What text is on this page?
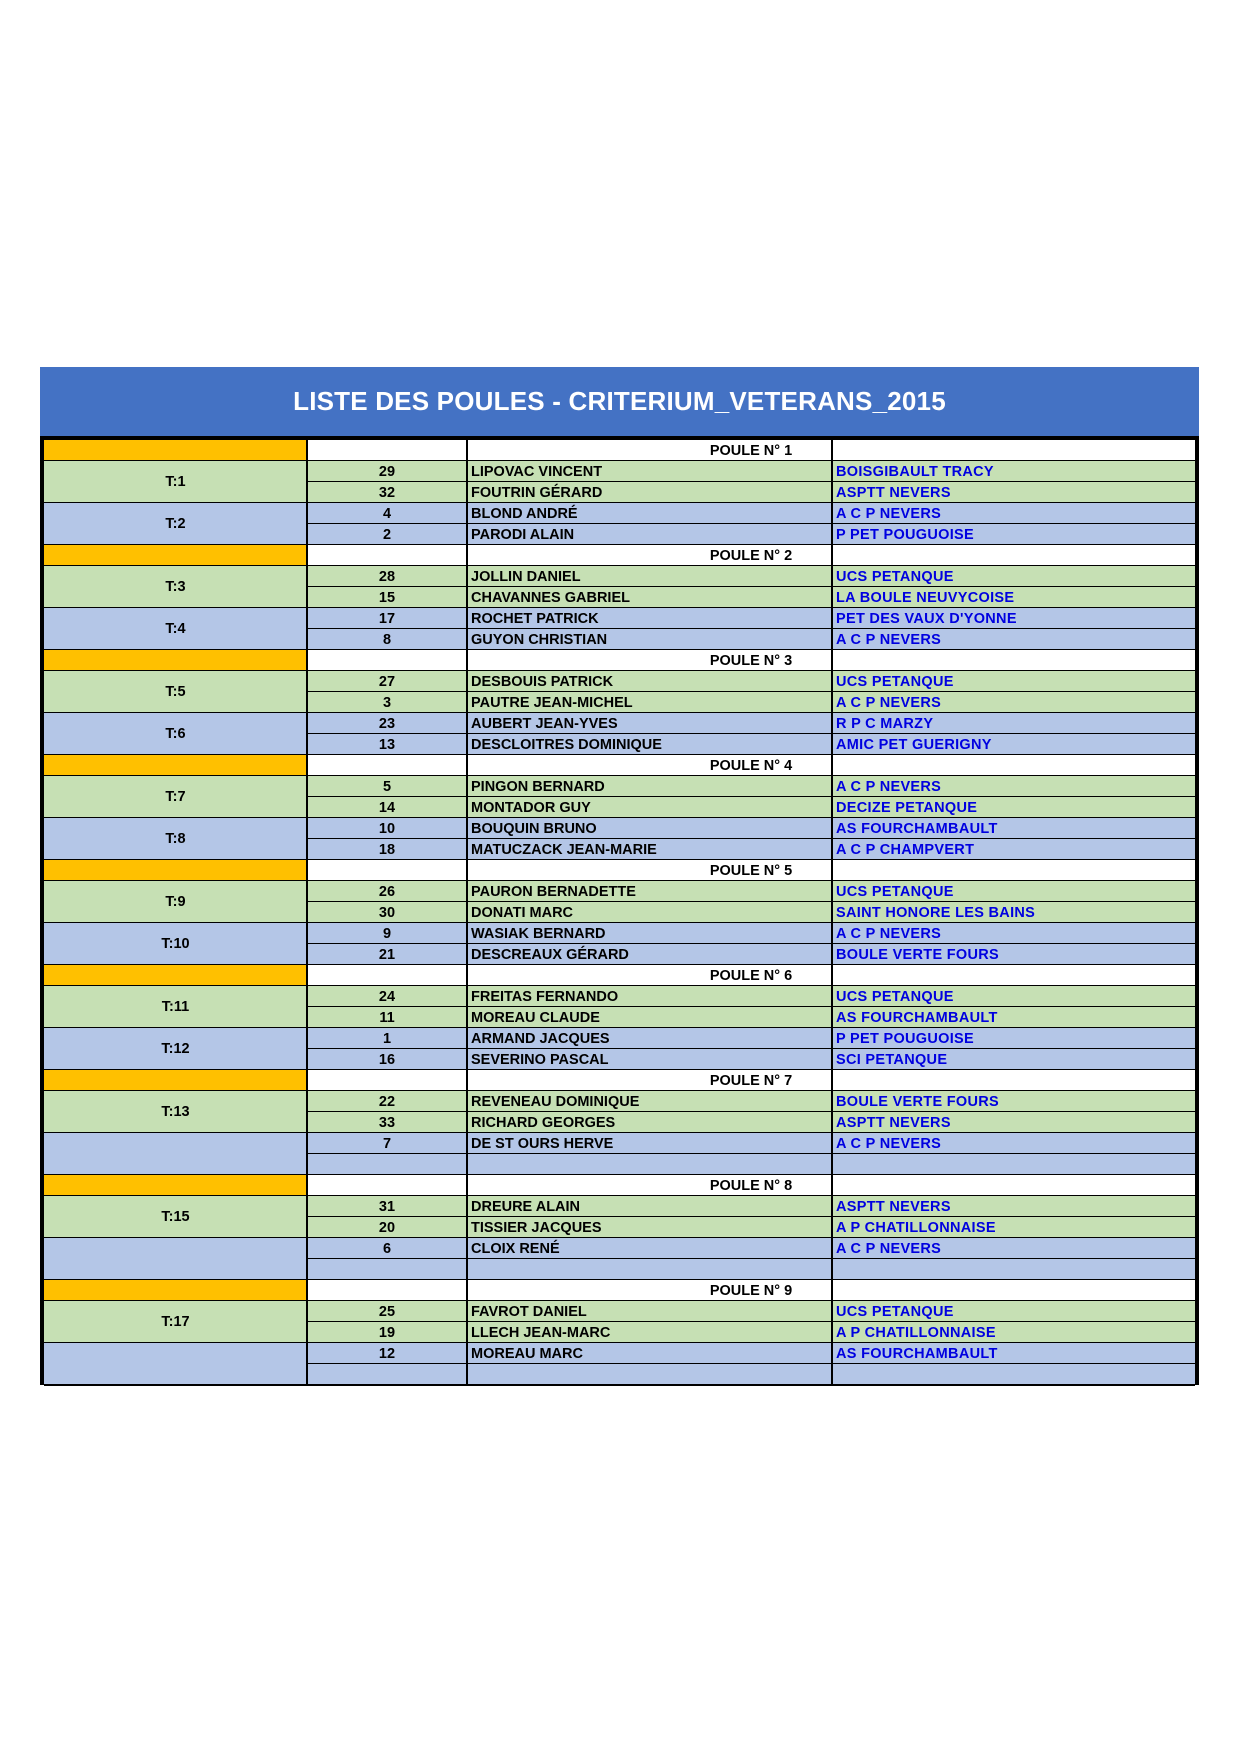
LISTE DES POULES - CRITERIUM_VETERANS_2015
POULE N° 1
T:1
29	LIPOVAC VINCENT	BOISGIBAULT TRACY
32	FOUTRIN GÉRARD	ASPTT NEVERS
T:2
4	BLOND ANDRÉ	A C P NEVERS
2	PARODI ALAIN	P PET POUGUOISE
POULE N° 2
T:3
28	JOLLIN DANIEL	UCS PETANQUE
15	CHAVANNES GABRIEL	LA BOULE NEUVYCOISE
T:4
17	ROCHET PATRICK	PET DES VAUX D'YONNE
8	GUYON CHRISTIAN	A C P NEVERS
POULE N° 3
T:5
27	DESBOUIS PATRICK	UCS PETANQUE
3	PAUTRE JEAN-MICHEL	A C P NEVERS
T:6
23	AUBERT JEAN-YVES	R P C MARZY
13	DESCLOITRES DOMINIQUE	AMIC PET GUERIGNY
POULE N° 4
T:7
5	PINGON BERNARD	A C P NEVERS
14	MONTADOR GUY	DECIZE PETANQUE
T:8
10	BOUQUIN BRUNO	AS FOURCHAMBAULT
18	MATUCZACK JEAN-MARIE	A C P CHAMPVERT
POULE N° 5
T:9
26	PAURON BERNADETTE	UCS PETANQUE
30	DONATI MARC	SAINT HONORE LES BAINS
T:10
9	WASIAK BERNARD	A C P NEVERS
21	DESCREAUX GÉRARD	BOULE VERTE FOURS
POULE N° 6
T:11
24	FREITAS FERNANDO	UCS PETANQUE
11	MOREAU CLAUDE	AS FOURCHAMBAULT
T:12
1	ARMAND JACQUES	P PET POUGUOISE
16	SEVERINO PASCAL	SCI PETANQUE
POULE N° 7
T:13
22	REVENEAU DOMINIQUE	BOULE VERTE FOURS
33	RICHARD GEORGES	ASPTT NEVERS
7	DE ST OURS HERVE	A C P NEVERS
POULE N° 8
T:15
31	DREURE ALAIN	ASPTT NEVERS
20	TISSIER JACQUES	A P CHATILLONNAISE
6	CLOIX RENÉ	A C P NEVERS
POULE N° 9
T:17
25	FAVROT DANIEL	UCS PETANQUE
19	LLECH JEAN-MARC	A P CHATILLONNAISE
12	MOREAU MARC	AS FOURCHAMBAULT
